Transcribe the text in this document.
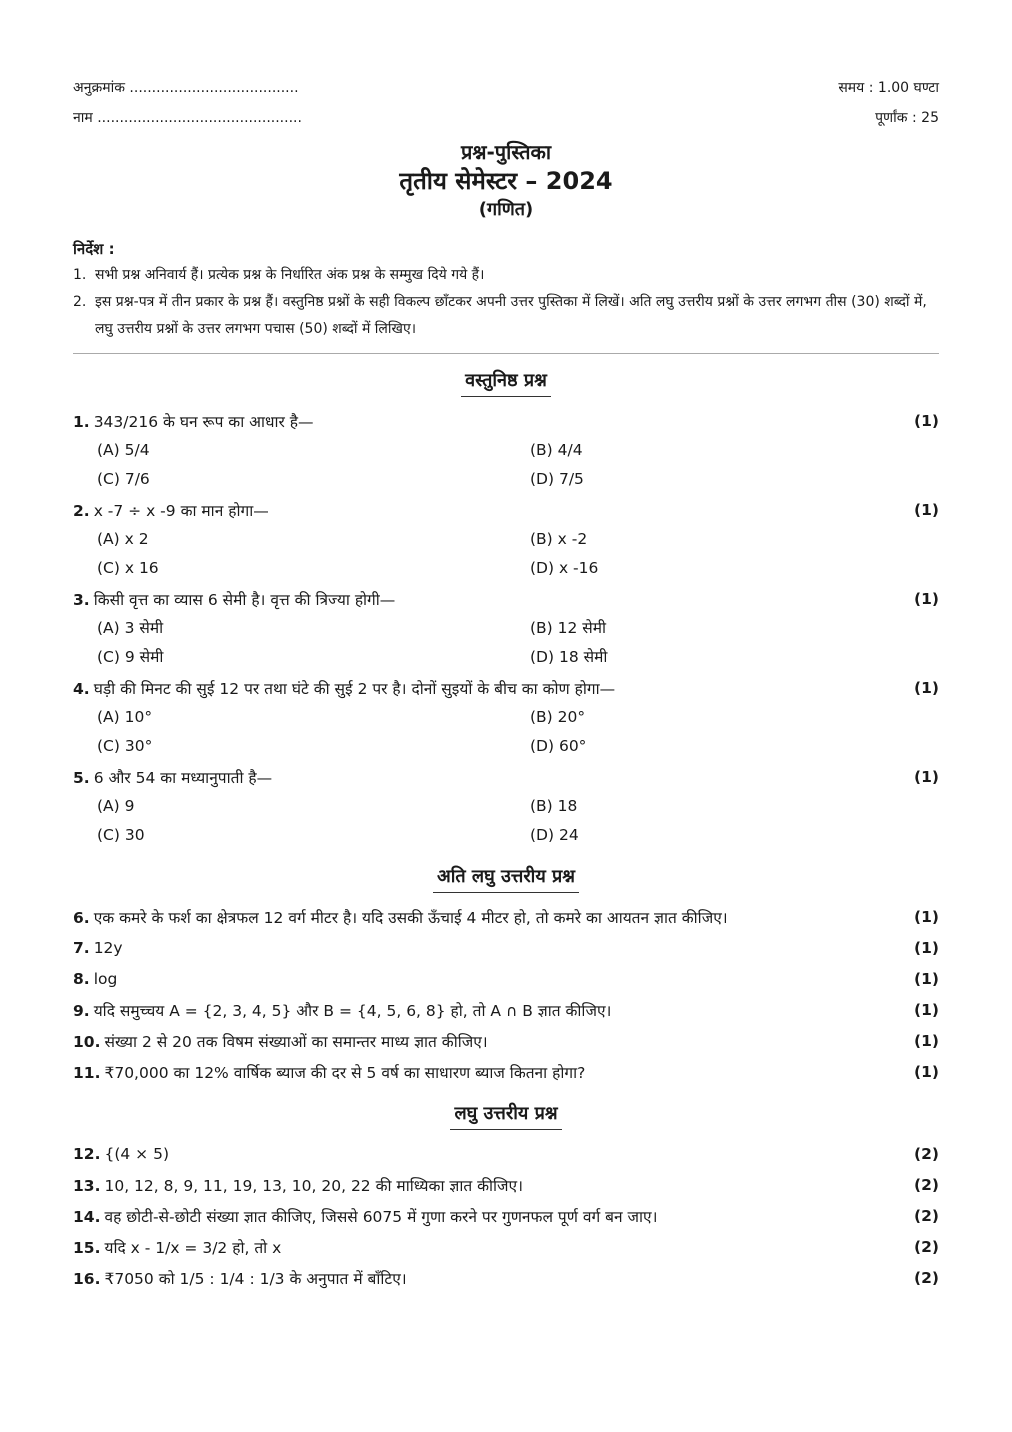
अनुक्रमांक ......................................	समय : 1.00 घण्टा
नाम ..............................................	पूर्णांक : 25
प्रश्न-पुस्तिका
तृतीय सेमेस्टर – 2024
(गणित)
निर्देश :
1. सभी प्रश्न अनिवार्य हैं। प्रत्येक प्रश्न के निर्धारित अंक प्रश्न के सम्मुख दिये गये हैं।
2. इस प्रश्न-पत्र में तीन प्रकार के प्रश्न हैं। वस्तुनिष्ठ प्रश्नों के सही विकल्प छाँटकर अपनी उत्तर पुस्तिका में लिखें। अति लघु उत्तरीय प्रश्नों के उत्तर लगभग तीस (30) शब्दों में, लघु उत्तरीय प्रश्नों के उत्तर लगभग पचास (50) शब्दों में लिखिए।
वस्तुनिष्ठ प्रश्न
1. 343/216 के घन रूप का आधार है—	(1)
(A) 5/4	(B) 4/4
(C) 7/6	(D) 7/5
2. x -7 ÷ x -9 का मान होगा—	(1)
(A) x 2	(B) x -2
(C) x 16	(D) x -16
3. किसी वृत्त का व्यास 6 सेमी है। वृत्त की त्रिज्या होगी—	(1)
(A) 3 सेमी	(B) 12 सेमी
(C) 9 सेमी	(D) 18 सेमी
4. घड़ी की मिनट की सुई 12 पर तथा घंटे की सुई 2 पर है। दोनों सुइयों के बीच का कोण होगा—	(1)
(A) 10°	(B) 20°
(C) 30°	(D) 60°
5. 6 और 54 का मध्यानुपाती है—	(1)
(A) 9	(B) 18
(C) 30	(D) 24
अति लघु उत्तरीय प्रश्न
6. एक कमरे के फर्श का क्षेत्रफल 12 वर्ग मीटर है। यदि उसकी ऊँचाई 4 मीटर हो, तो कमरे का आयतन ज्ञात कीजिए।	(1)
7. 12y	(1)
8. log	(1)
9. यदि समुच्चय A = {2, 3, 4, 5} और B = {4, 5, 6, 8} हो, तो A ∩ B ज्ञात कीजिए।	(1)
10. संख्या 2 से 20 तक विषम संख्याओं का समान्तर माध्य ज्ञात कीजिए।	(1)
11. ₹70,000 का 12% वार्षिक ब्याज की दर से 5 वर्ष का साधारण ब्याज कितना होगा?	(1)
लघु उत्तरीय प्रश्न
12. {(4 × 5)	(2)
13. 10, 12, 8, 9, 11, 19, 13, 10, 20, 22 की माध्यिका ज्ञात कीजिए।	(2)
14. वह छोटी-से-छोटी संख्या ज्ञात कीजिए, जिससे 6075 में गुणा करने पर गुणनफल पूर्ण वर्ग बन जाए।	(2)
15. यदि x - 1/x = 3/2 हो, तो x	(2)
16. ₹7050 को 1/5 : 1/4 : 1/3 के अनुपात में बाँटिए।	(2)
